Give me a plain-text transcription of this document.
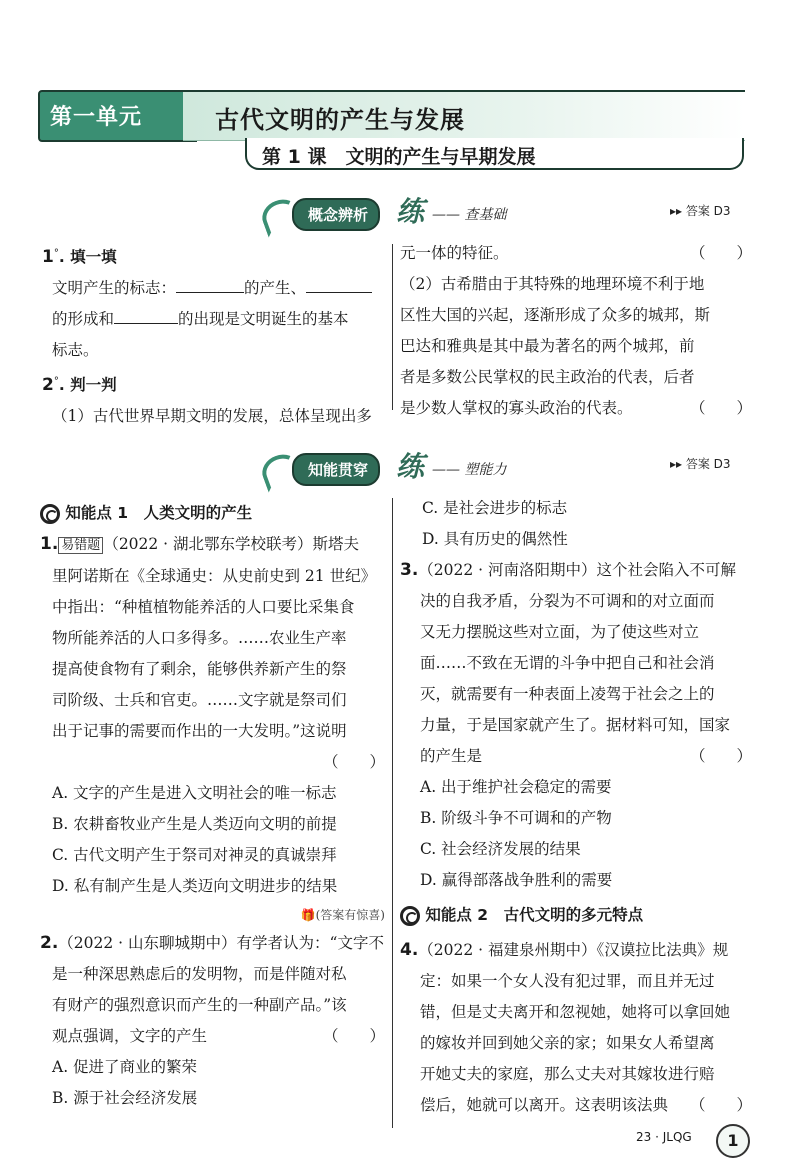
第一单元	古代文明的产生与发展
第 1 课　文明的产生与早期发展
概念辨析 练 —— 查基础	▸▸ 答案 D3
1°. 填一填
文明产生的标志：	的产生、
的形成和	的出现是文明诞生的基本
标志。
2°. 判一判
（1）古代世界早期文明的发展，总体呈现出多
元一体的特征。	（　　）
（2）古希腊由于其特殊的地理环境不利于地
区性大国的兴起，逐渐形成了众多的城邦，斯
巴达和雅典是其中最为著名的两个城邦，前
者是多数公民掌权的民主政治的代表，后者
是少数人掌权的寡头政治的代表。	（　　）
知能贯穿 练 —— 塑能力	▸▸ 答案 D3
知能点 1　 人类文明的产生
1. 易错题 （2022 · 湖北鄂东学校联考）斯塔夫
里阿诺斯在《全球通史：从史前史到 21 世纪》
中指出：“种植植物能养活的人口要比采集食
物所能养活的人口多得多。……农业生产率
提高使食物有了剩余，能够供养新产生的祭
司阶级、士兵和官吏。……文字就是祭司们
出于记事的需要而作出的一大发明。”这说明
（　　）
A. 文字的产生是进入文明社会的唯一标志
B. 农耕畜牧业产生是人类迈向文明的前提
C. 古代文明产生于祭司对神灵的真诚崇拜
D. 私有制产生是人类迈向文明进步的结果
🎁(答案有惊喜)
2.（2022 · 山东聊城期中）有学者认为：“文字不
是一种深思熟虑后的发明物，而是伴随对私
有财产的强烈意识而产生的一种副产品。”该
观点强调，文字的产生	（　　）
A. 促进了商业的繁荣
B. 源于社会经济发展
C. 是社会进步的标志
D. 具有历史的偶然性
3.（2022 · 河南洛阳期中）这个社会陷入不可解
决的自我矛盾，分裂为不可调和的对立面而
又无力摆脱这些对立面，为了使这些对立
面……不致在无谓的斗争中把自己和社会消
灭，就需要有一种表面上凌驾于社会之上的
力量，于是国家就产生了。据材料可知，国家
的产生是	（　　）
A. 出于维护社会稳定的需要
B. 阶级斗争不可调和的产物
C. 社会经济发展的结果
D. 赢得部落战争胜利的需要
知能点 2　 古代文明的多元特点
4.（2022 · 福建泉州期中）《汉谟拉比法典》规
定：如果一个女人没有犯过罪，而且并无过
错，但是丈夫离开和忽视她，她将可以拿回她
的嫁妆并回到她父亲的家；如果女人希望离
开她丈夫的家庭，那么丈夫对其嫁妆进行赔
偿后，她就可以离开。这表明该法典 （　　）
23 · JLQG	1
